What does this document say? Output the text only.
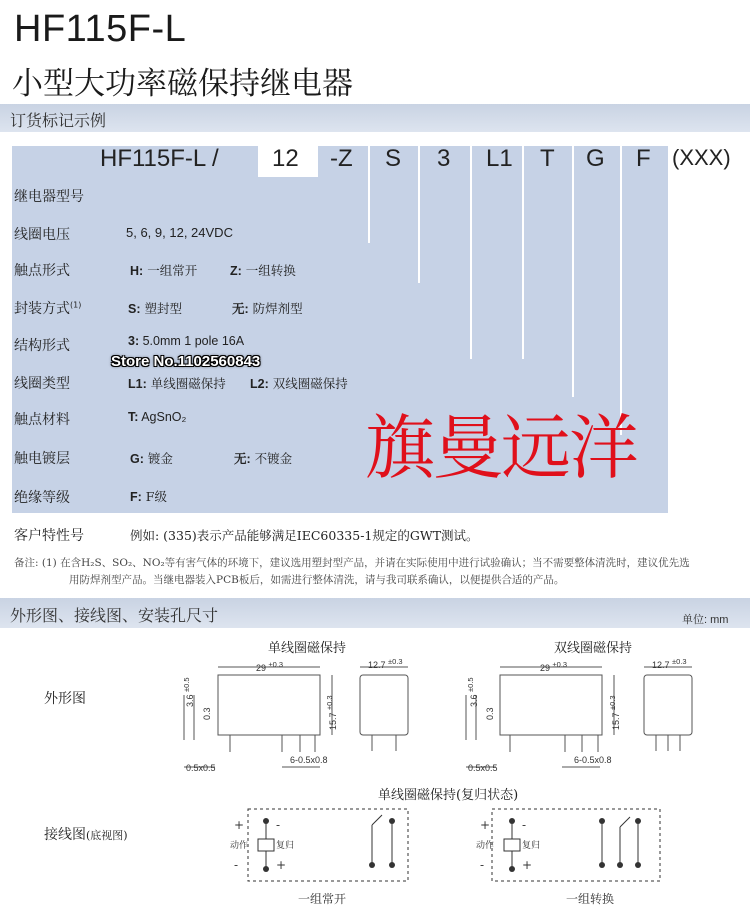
HF115F-L
小型大功率磁保持继电器
订货标记示例
HF115F-L / 12 -Z S 3 L1 T G F (XXX)
继电器型号
线圈电压	5, 6, 9, 12, 24VDC
触点形式	H: 一组常开	Z: 一组转换
封装方式$^{(1)}$	S: 塑封型	无: 防焊剂型
结构形式	3: 5.0mm 1 pole 16A
线圈类型	L1: 单线圈磁保持 L2: 双线圈磁保持
触点材料	T: AgSnO₂
触电镀层	G: 镀金	无: 不镀金
绝缘等级	F: F级
客户特性号	例如: (335)表示产品能够满足IEC60335-1规定的GWT测试。
备注: (1) 在含H₂S、SO₂、NO₂等有害气体的环境下，建议选用塑封型产品，并请在实际使用中进行试验确认；当不需要整体清洗时，建议优先选
用防焊剂型产品。当继电器装入PCB板后，如需进行整体清洗，请与我司联系确认，以便提供合适的产品。
Store No.1102560843
旗曼远洋
外形图、接线图、安装孔尺寸	单位: mm
外形图
单线圈磁保持	双线圈磁保持
29 $^{\pm 0.3}$	12.7 $^{\pm 0.3}$
3.6 $^{\pm 0.5}$
0.3	15.7 $^{\pm 0.3}$
0.5x0.5
6-0.5x0.8
29 $^{\pm 0.3}$	12.7 $^{\pm 0.3}$
3.6 $^{\pm 0.5}$
0.3	15.7 $^{\pm 0.3}$
0.5x0.5
6-0.5x0.8
单线圈磁保持(复归状态)
接线图(底视图)
+
-
-
+
动作	复归
+
-
-
+
动作	复归
一组常开	一组转换
